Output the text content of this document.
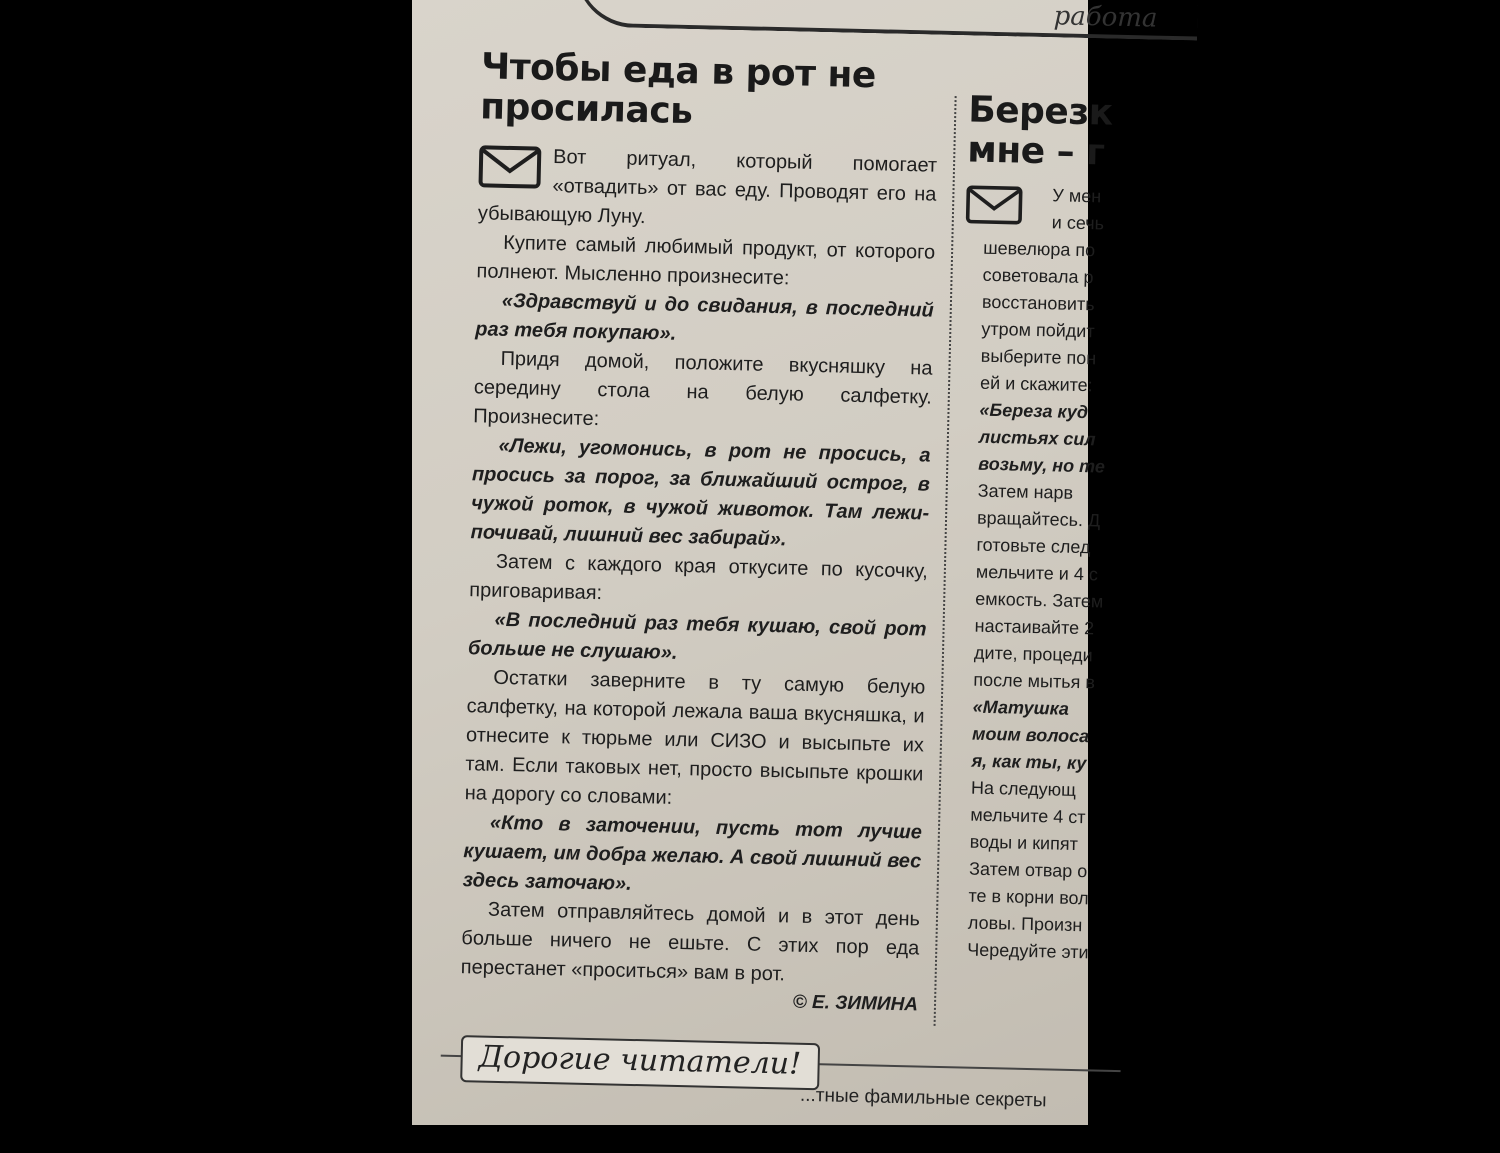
работа
Чтобы еда в рот не просилась

Вот ритуал, который помогает «отвадить» от вас еду. Проводят его на убывающую Луну.

Купите самый любимый продукт, от которого полнеют. Мысленно произнесите:

«Здравствуй и до свидания, в последний раз тебя покупаю».

Придя домой, положите вкусняшку на середину стола на белую салфетку. Произнесите:

«Лежи, угомонись, в рот не просись, а просись за порог, за ближайший острог, в чужой роток, в чужой животок. Там лежи-почивай, лишний вес забирай».

Затем с каждого края откусите по кусочку, приговаривая:

«В последний раз тебя кушаю, свой рот больше не слушаю».

Остатки заверните в ту самую белую салфетку, на которой лежала ваша вкусняшка, и отнесите к тюрьме или СИЗО и высыпьте их там. Если таковых нет, просто высыпьте крошки на дорогу со словами:

«Кто в заточении, пусть тот лучше кушает, им добра желаю. А свой лишний вес здесь заточаю».

Затем отправляйтесь домой и в этот день больше ничего не ешьте. С этих пор еда перестанет «проситься» вам в рот.

© Е. ЗИМИНА
Березк
мне – г

У мен

и сечь

шевелюра по

советовала р

восстановить

утром пойдит

выберите пон

ей и скажите:

«Береза куд

листьях сил

возьму, но те

Затем нарв

вращайтесь. Д

готовьте след

мельчите и 4 с

емкость. Затем

настаивайте 2

дите, процеди

после мытья в

«Матушка

моим волоса

я, как ты, ку

На следующ

мельчите 4 ст

воды и кипят

Затем отвар о

те в корни вол

ловы. Произн

Чередуйте эти

Дорогие читатели!
...тные фамильные секреты
